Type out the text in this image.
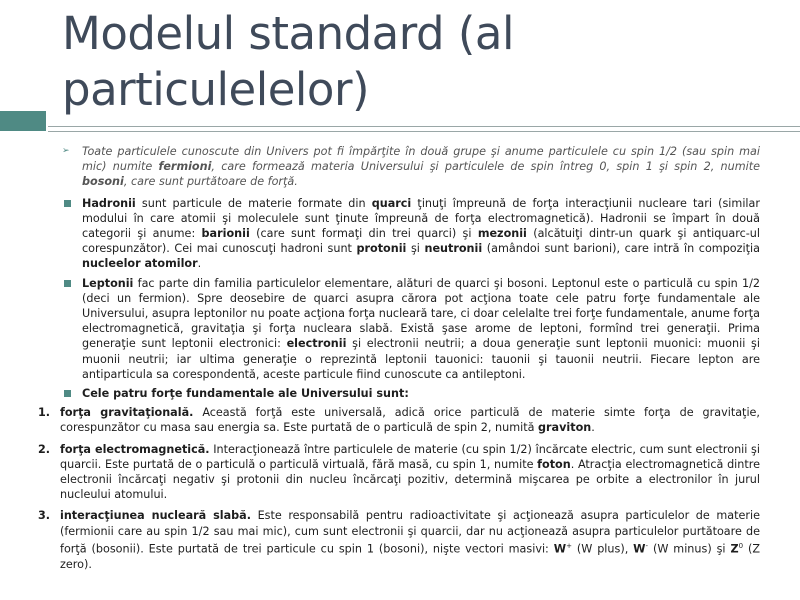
Modelul standard (al particulelelor)
➢ Toate particulele cunoscute din Univers pot fi împărţite în două grupe şi anume particulele cu spin 1/2 (sau spin mai mic) numite fermioni, care formează materia Universului şi particulele de spin întreg 0, spin 1 şi spin 2, numite bosoni, care sunt purtătoare de forţă.
Hadronii sunt particule de materie formate din quarci ţinuţi împreună de forţa interacţiunii nucleare tari (similar modului în care atomii şi moleculele sunt ţinute împreună de forţa electromagnetică). Hadronii se împart în două categorii şi anume: barionii (care sunt formaţi din trei quarci) şi mezonii (alcătuiţi dintr-un quark şi antiquarc-ul corespunzător). Cei mai cunoscuţi hadroni sunt protonii şi neutronii (amândoi sunt barioni), care intră în compoziţia nucleelor atomilor.
Leptonii fac parte din familia particulelor elementare, alături de quarci şi bosoni. Leptonul este o particulă cu spin 1/2 (deci un fermion). Spre deosebire de quarci asupra cărora pot acţiona toate cele patru forţe fundamentale ale Universului, asupra leptonilor nu poate acţiona forţa nucleară tare, ci doar celelalte trei forţe fundamentale, anume forţa electromagnetică, gravitaţia şi forţa nucleara slabă. Există şase arome de leptoni, formînd trei generaţii. Prima generaţie sunt leptonii electronici: electronii şi electronii neutrii; a doua generaţie sunt leptonii muonici: muonii şi muonii neutrii; iar ultima generaţie o reprezintă leptonii tauonici: tauonii şi tauonii neutrii. Fiecare lepton are antiparticula sa corespondentă, aceste particule fiind cunoscute ca antileptoni.
Cele patru forţe fundamentale ale Universului sunt:
1. forţa gravitaţională. Această forţă este universală, adică orice particulă de materie simte forţa de gravitaţie, corespunzător cu masa sau energia sa. Este purtată de o particulă de spin 2, numită graviton.
2. forţa electromagnetică. Interacţionează între particulele de materie (cu spin 1/2) încărcate electric, cum sunt electronii şi quarcii. Este purtată de o particulă o particulă virtuală, fără masă, cu spin 1, numite foton. Atracţia electromagnetică dintre electronii încărcaţi negativ şi protonii din nucleu încărcaţi pozitiv, determină mişcarea pe orbite a electronilor în jurul nucleului atomului.
3. interacţiunea nucleară slabă. Este responsabilă pentru radioactivitate şi acţionează asupra particulelor de materie (fermionii care au spin 1/2 sau mai mic), cum sunt electronii şi quarcii, dar nu acţionează asupra particulelor purtătoare de forţă (bosonii). Este purtată de trei particule cu spin 1 (bosoni), nişte vectori masivi: W+ (W plus), W- (W minus) şi $Z^0$ (Z zero).
